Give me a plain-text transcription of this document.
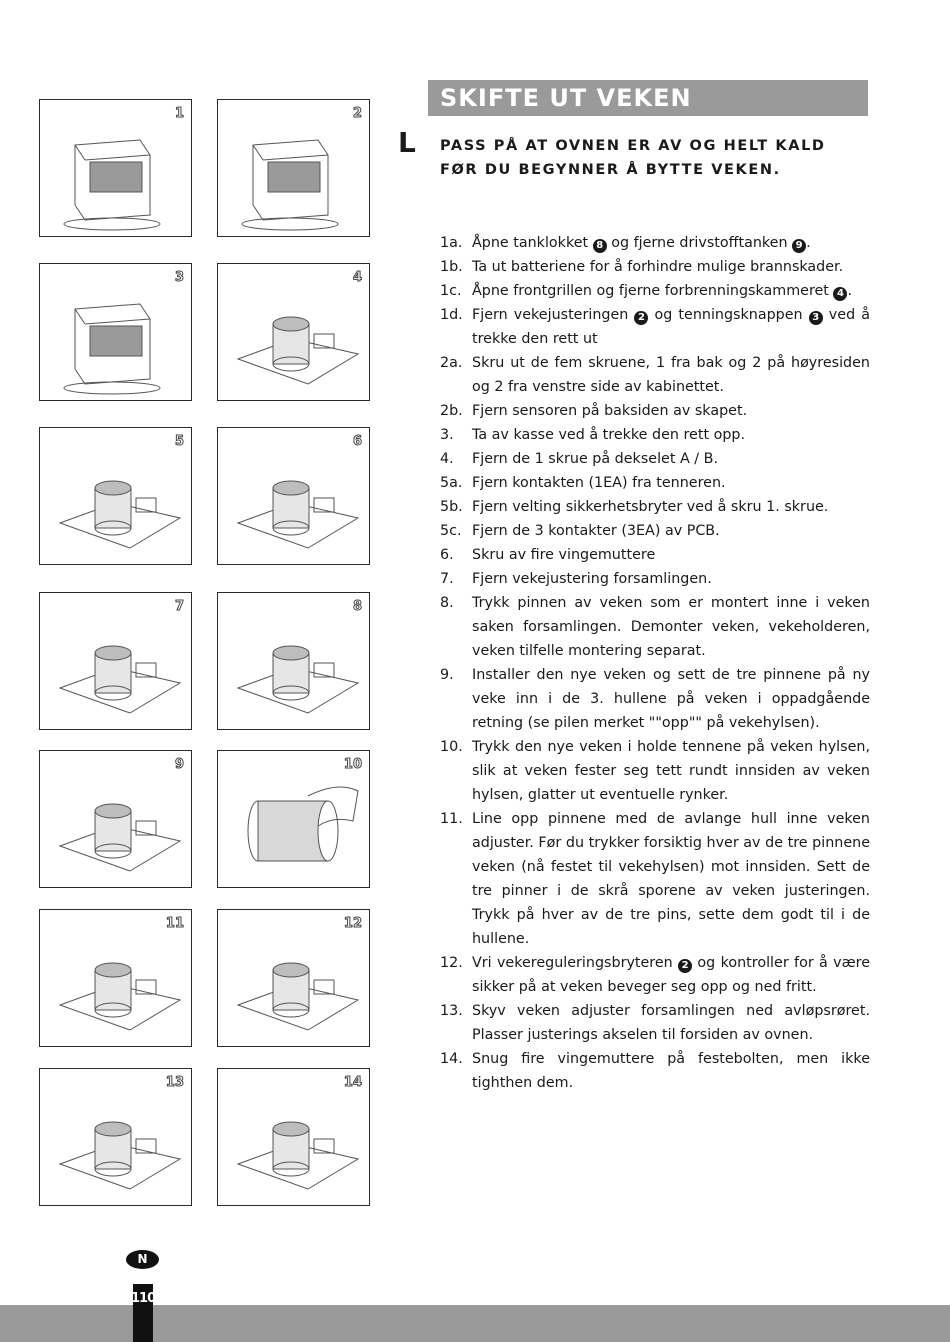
SKIFTE UT VEKEN
L PASS PÅ AT OVNEN ER AV OG HELT KALD FØR DU BEGYNNER Å BYTTE VEKEN.
1a. Åpne tanklokket 8 og fjerne drivstofftanken 9 .
1b. Ta ut batteriene for å forhindre mulige brannskader.
1c. Åpne frontgrillen og fjerne forbrenningskammeret 4 .
1d. Fjern vekejusteringen 2 og tenningsknappen 3 ved å trekke den rett ut
2a. Skru ut de fem skruene, 1 fra bak og 2 på høyresiden og 2 fra venstre side av kabinettet.
2b. Fjern sensoren på baksiden av skapet.
3.	Ta av kasse ved å trekke den rett opp.
4.	Fjern de 1 skrue på dekselet A / B.
5a. Fjern kontakten (1EA) fra tenneren.
5b. Fjern velting sikkerhetsbryter ved å skru 1. skrue.
5c. Fjern de 3 kontakter (3EA) av PCB.
6.	Skru av fire vingemuttere
7.	Fjern vekejustering forsamlingen.
8.	Trykk pinnen av veken som er montert inne i veken saken forsamlingen. Demonter veken, vekeholderen, veken tilfelle montering separat.
9.	Installer den nye veken og sett de tre pinnene på ny veke inn i de 3. hullene på veken i oppadgående retning (se pilen merket ""opp"" på vekehylsen).
10. Trykk den nye veken i holde tennene på veken hylsen, slik at veken fester seg tett rundt innsiden av veken hylsen, glatter ut eventuelle rynker.
11. Line opp pinnene med de avlange hull inne veken adjuster. Før du trykker forsiktig hver av de tre pinnene veken (nå festet til vekehylsen) mot innsiden. Sett de tre pinner i de skrå sporene av veken justeringen. Trykk på hver av de tre pins, sette dem godt til i de hullene.
12. Vri vekereguleringsbryteren 2 og kontroller for å være sikker på at veken beveger seg opp og ned fritt.
13. Skyv veken adjuster forsamlingen ned avløpsrøret. Plasser justerings akselen til forsiden av ovnen.
14. Snug fire vingemuttere på festebolten, men ikke tighthen dem.
1	2
3	4
5	6
7	8
9	10
11	12
13	14
N
110
